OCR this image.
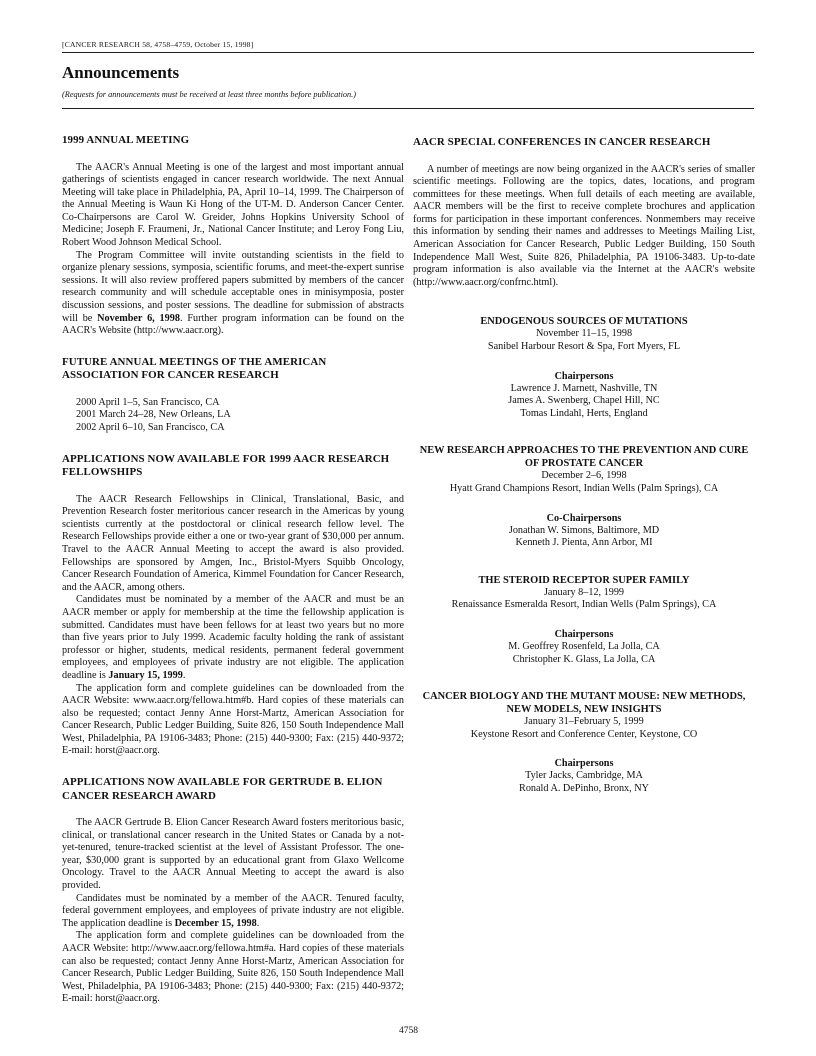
[CANCER RESEARCH 58, 4758–4759, October 15, 1998]
Announcements
(Requests for announcements must be received at least three months before publication.)
1999 ANNUAL MEETING

The AACR's Annual Meeting is one of the largest and most important annual gatherings of scientists engaged in cancer research worldwide. The next Annual Meeting will take place in Philadelphia, PA, April 10–14, 1999. The Chairperson of the Annual Meeting is Waun Ki Hong of the UT-M. D. Anderson Cancer Center. Co-Chairpersons are Carol W. Greider, Johns Hopkins University School of Medicine; Joseph F. Fraumeni, Jr., National Cancer Institute; and Leroy Fong Liu, Robert Wood Johnson Medical School.

The Program Committee will invite outstanding scientists in the field to organize plenary sessions, symposia, scientific forums, and meet-the-expert sunrise sessions. It will also review proffered papers submitted by members of the cancer research community and will schedule acceptable ones in minisymposia, poster discussion sessions, and poster sessions. The deadline for submission of abstracts will be November 6, 1998. Further program information can be found on the AACR's Website (http://www.aacr.org).

FUTURE ANNUAL MEETINGS OF THE AMERICAN ASSOCIATION FOR CANCER RESEARCH
2000 April 1–5, San Francisco, CA
2001 March 24–28, New Orleans, LA
2002 April 6–10, San Francisco, CA
APPLICATIONS NOW AVAILABLE FOR 1999 AACR RESEARCH FELLOWSHIPS

The AACR Research Fellowships in Clinical, Translational, Basic, and Prevention Research foster meritorious cancer research in the Americas by young scientists currently at the postdoctoral or clinical research fellow level. The Research Fellowships provide either a one or two-year grant of $30,000 per annum. Travel to the AACR Annual Meeting to accept the award is also provided. Fellowships are sponsored by Amgen, Inc., Bristol-Myers Squibb Oncology, Cancer Research Foundation of America, Kimmel Foundation for Cancer Research, and the AACR, among others.

Candidates must be nominated by a member of the AACR and must be an AACR member or apply for membership at the time the fellowship application is submitted. Candidates must have been fellows for at least two years but no more than five years prior to July 1999. Academic faculty holding the rank of assistant professor or higher, students, medical residents, permanent federal government employees, and employees of private industry are not eligible. The application deadline is January 15, 1999.

The application form and complete guidelines can be downloaded from the AACR Website: www.aacr.org/fellowa.htm#b. Hard copies of these materials can also be requested; contact Jenny Anne Horst-Martz, American Association for Cancer Research, Public Ledger Building, Suite 826, 150 South Independence Mall West, Philadelphia, PA 19106-3483; Phone: (215) 440-9300; Fax: (215) 440-9372; E-mail: horst@aacr.org.

APPLICATIONS NOW AVAILABLE FOR GERTRUDE B. ELION CANCER RESEARCH AWARD

The AACR Gertrude B. Elion Cancer Research Award fosters meritorious basic, clinical, or translational cancer research in the United States or Canada by a not-yet-tenured, tenure-tracked scientist at the level of Assistant Professor. The one-year, $30,000 grant is supported by an educational grant from Glaxo Wellcome Oncology. Travel to the AACR Annual Meeting to accept the award is also provided.

Candidates must be nominated by a member of the AACR. Tenured faculty, federal government employees, and employees of private industry are not eligible. The application deadline is December 15, 1998.

The application form and complete guidelines can be downloaded from the AACR Website: http://www.aacr.org/fellowa.htm#a. Hard copies of these materials can also be requested; contact Jenny Anne Horst-Martz, American Association for Cancer Research, Public Ledger Building, Suite 826, 150 South Independence Mall West, Philadelphia, PA 19106-3483; Phone: (215) 440-9300; Fax: (215) 440-9372; E-mail: horst@aacr.org.

AACR SPECIAL CONFERENCES IN CANCER RESEARCH

A number of meetings are now being organized in the AACR's series of smaller scientific meetings. Following are the topics, dates, locations, and program committees for these meetings. When full details of each meeting are available, AACR members will be the first to receive complete brochures and application forms for participation in these important conferences. Nonmembers may receive this information by sending their names and addresses to Meetings Mailing List, American Association for Cancer Research, Public Ledger Building, 150 South Independence Mall West, Suite 826, Philadelphia, PA 19106-3483. Up-to-date program information is also available via the Internet at the AACR's website (http://www.aacr.org/confrnc.html).

ENDOGENOUS SOURCES OF MUTATIONS
November 11–15, 1998
Sanibel Harbour Resort & Spa, Fort Myers, FL
Chairpersons
Lawrence J. Marnett, Nashville, TN
James A. Swenberg, Chapel Hill, NC
Tomas Lindahl, Herts, England
NEW RESEARCH APPROACHES TO THE PREVENTION AND CURE OF PROSTATE CANCER
December 2–6, 1998
Hyatt Grand Champions Resort, Indian Wells (Palm Springs), CA
Co-Chairpersons
Jonathan W. Simons, Baltimore, MD
Kenneth J. Pienta, Ann Arbor, MI
THE STEROID RECEPTOR SUPER FAMILY
January 8–12, 1999
Renaissance Esmeralda Resort, Indian Wells (Palm Springs), CA
Chairpersons
M. Geoffrey Rosenfeld, La Jolla, CA
Christopher K. Glass, La Jolla, CA
CANCER BIOLOGY AND THE MUTANT MOUSE: NEW METHODS, NEW MODELS, NEW INSIGHTS
January 31–February 5, 1999
Keystone Resort and Conference Center, Keystone, CO
Chairpersons
Tyler Jacks, Cambridge, MA
Ronald A. DePinho, Bronx, NY
4758
